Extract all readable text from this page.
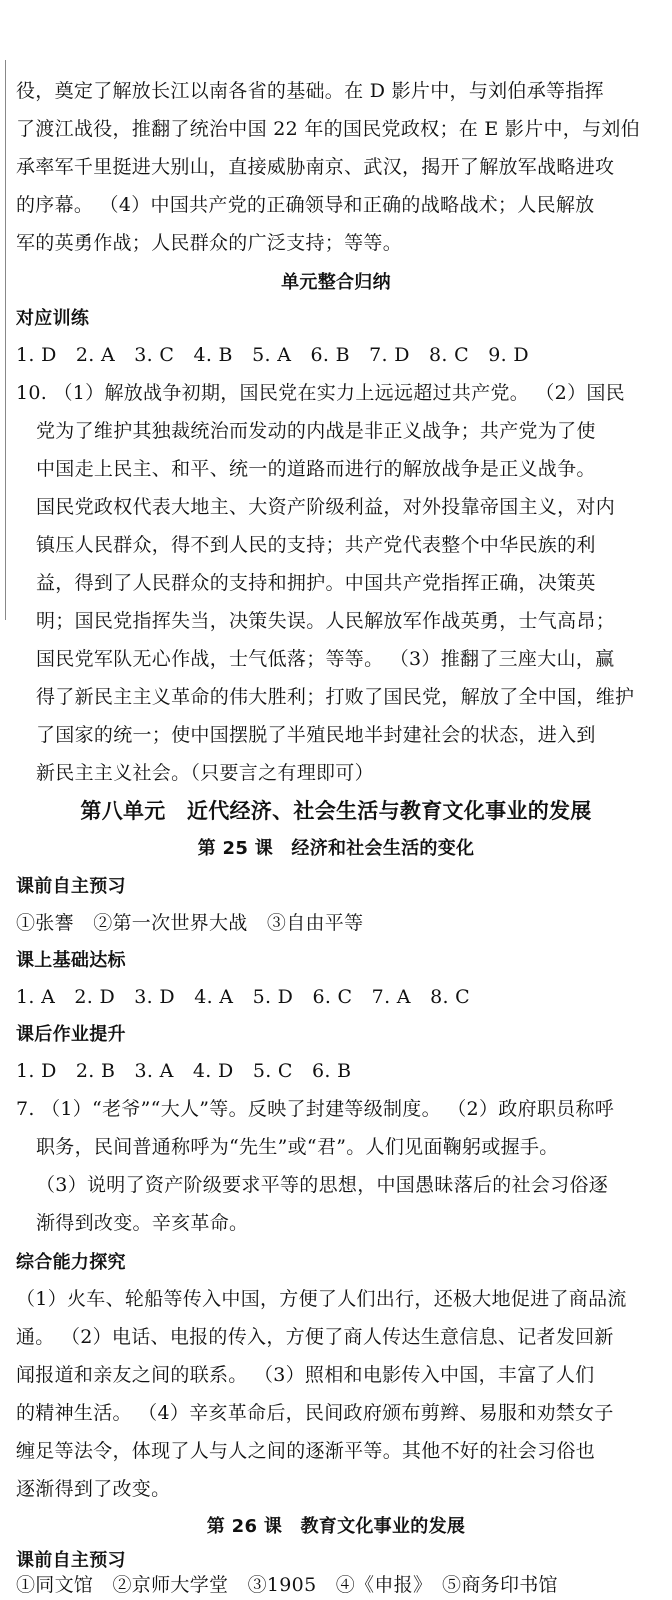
役，奠定了解放长江以南各省的基础。在 D 影片中，与刘伯承等指挥
了渡江战役，推翻了统治中国 22 年的国民党政权；在 E 影片中，与刘伯
承率军千里挺进大别山，直接威胁南京、武汉，揭开了解放军战略进攻
的序幕。 （4）中国共产党的正确领导和正确的战略战术；人民解放
军的英勇作战；人民群众的广泛支持；等等。
单元整合归纳
对应训练
1. D　2. A　3. C　4. B　5. A　6. B　7. D　8. C　9. D
10. （1）解放战争初期，国民党在实力上远远超过共产党。 （2）国民
党为了维护其独裁统治而发动的内战是非正义战争；共产党为了使
中国走上民主、和平、统一的道路而进行的解放战争是正义战争。
国民党政权代表大地主、大资产阶级利益，对外投靠帝国主义，对内
镇压人民群众，得不到人民的支持；共产党代表整个中华民族的利
益，得到了人民群众的支持和拥护。中国共产党指挥正确，决策英
明；国民党指挥失当，决策失误。人民解放军作战英勇，士气高昂；
国民党军队无心作战，士气低落；等等。 （3）推翻了三座大山，赢
得了新民主主义革命的伟大胜利；打败了国民党，解放了全中国，维护
了国家的统一；使中国摆脱了半殖民地半封建社会的状态，进入到
新民主主义社会。（只要言之有理即可）
第八单元　近代经济、社会生活与教育文化事业的发展
第 25 课　经济和社会生活的变化
课前自主预习
①张謇　②第一次世界大战　③自由平等
课上基础达标
1. A　2. D　3. D　4. A　5. D　6. C　7. A　8. C
课后作业提升
1. D　2. B　3. A　4. D　5. C　6. B
7. （1）“老爷”“大人”等。反映了封建等级制度。 （2）政府职员称呼
职务，民间普通称呼为“先生”或“君”。人们见面鞠躬或握手。
（3）说明了资产阶级要求平等的思想，中国愚昧落后的社会习俗逐
渐得到改变。辛亥革命。
综合能力探究
（1）火车、轮船等传入中国，方便了人们出行，还极大地促进了商品流
通。 （2）电话、电报的传入，方便了商人传达生意信息、记者发回新
闻报道和亲友之间的联系。 （3）照相和电影传入中国，丰富了人们
的精神生活。 （4）辛亥革命后，民间政府颁布剪辫、易服和劝禁女子
缠足等法令，体现了人与人之间的逐渐平等。其他不好的社会习俗也
逐渐得到了改变。
第 26 课　教育文化事业的发展
课前自主预习
①同文馆　②京师大学堂　③1905　④《申报》　⑤商务印书馆
